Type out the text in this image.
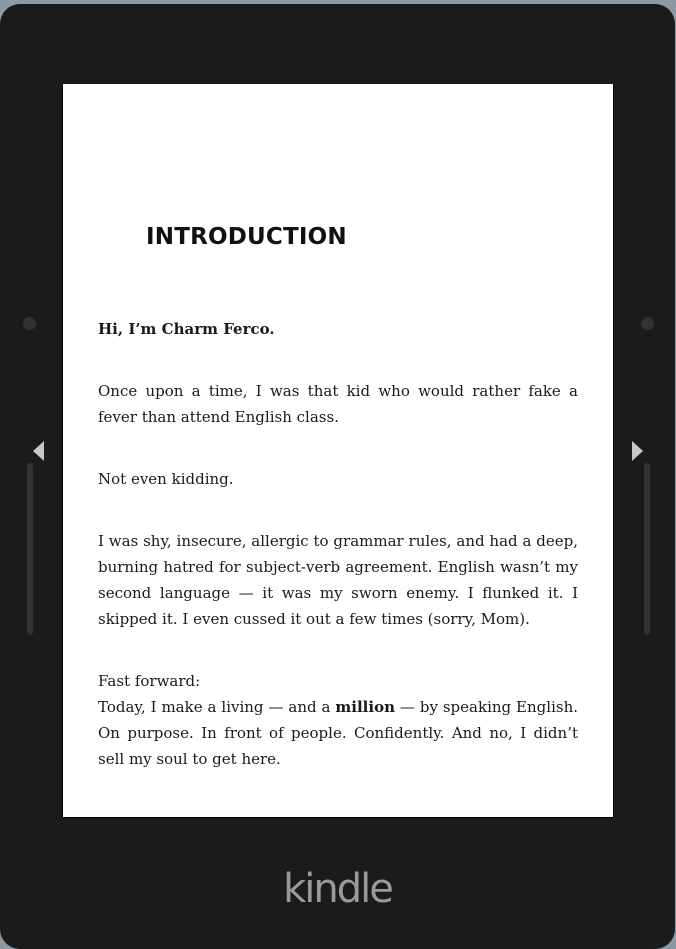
INTRODUCTION

Hi, I’m Charm Ferco.

Once upon a time, I was that kid who would rather fake a fever than attend English class.

Not even kidding.

I was shy, insecure, allergic to grammar rules, and had a deep, burning hatred for subject-verb agreement. English wasn’t my second language — it was my sworn enemy. I flunked it. I skipped it. I even cussed it out a few times (sorry, Mom).

Fast forward:

Today, I make a living — and a million — by speaking English. On purpose. In front of people. Confidently. And no, I didn’t sell my soul to get here.

kindle
